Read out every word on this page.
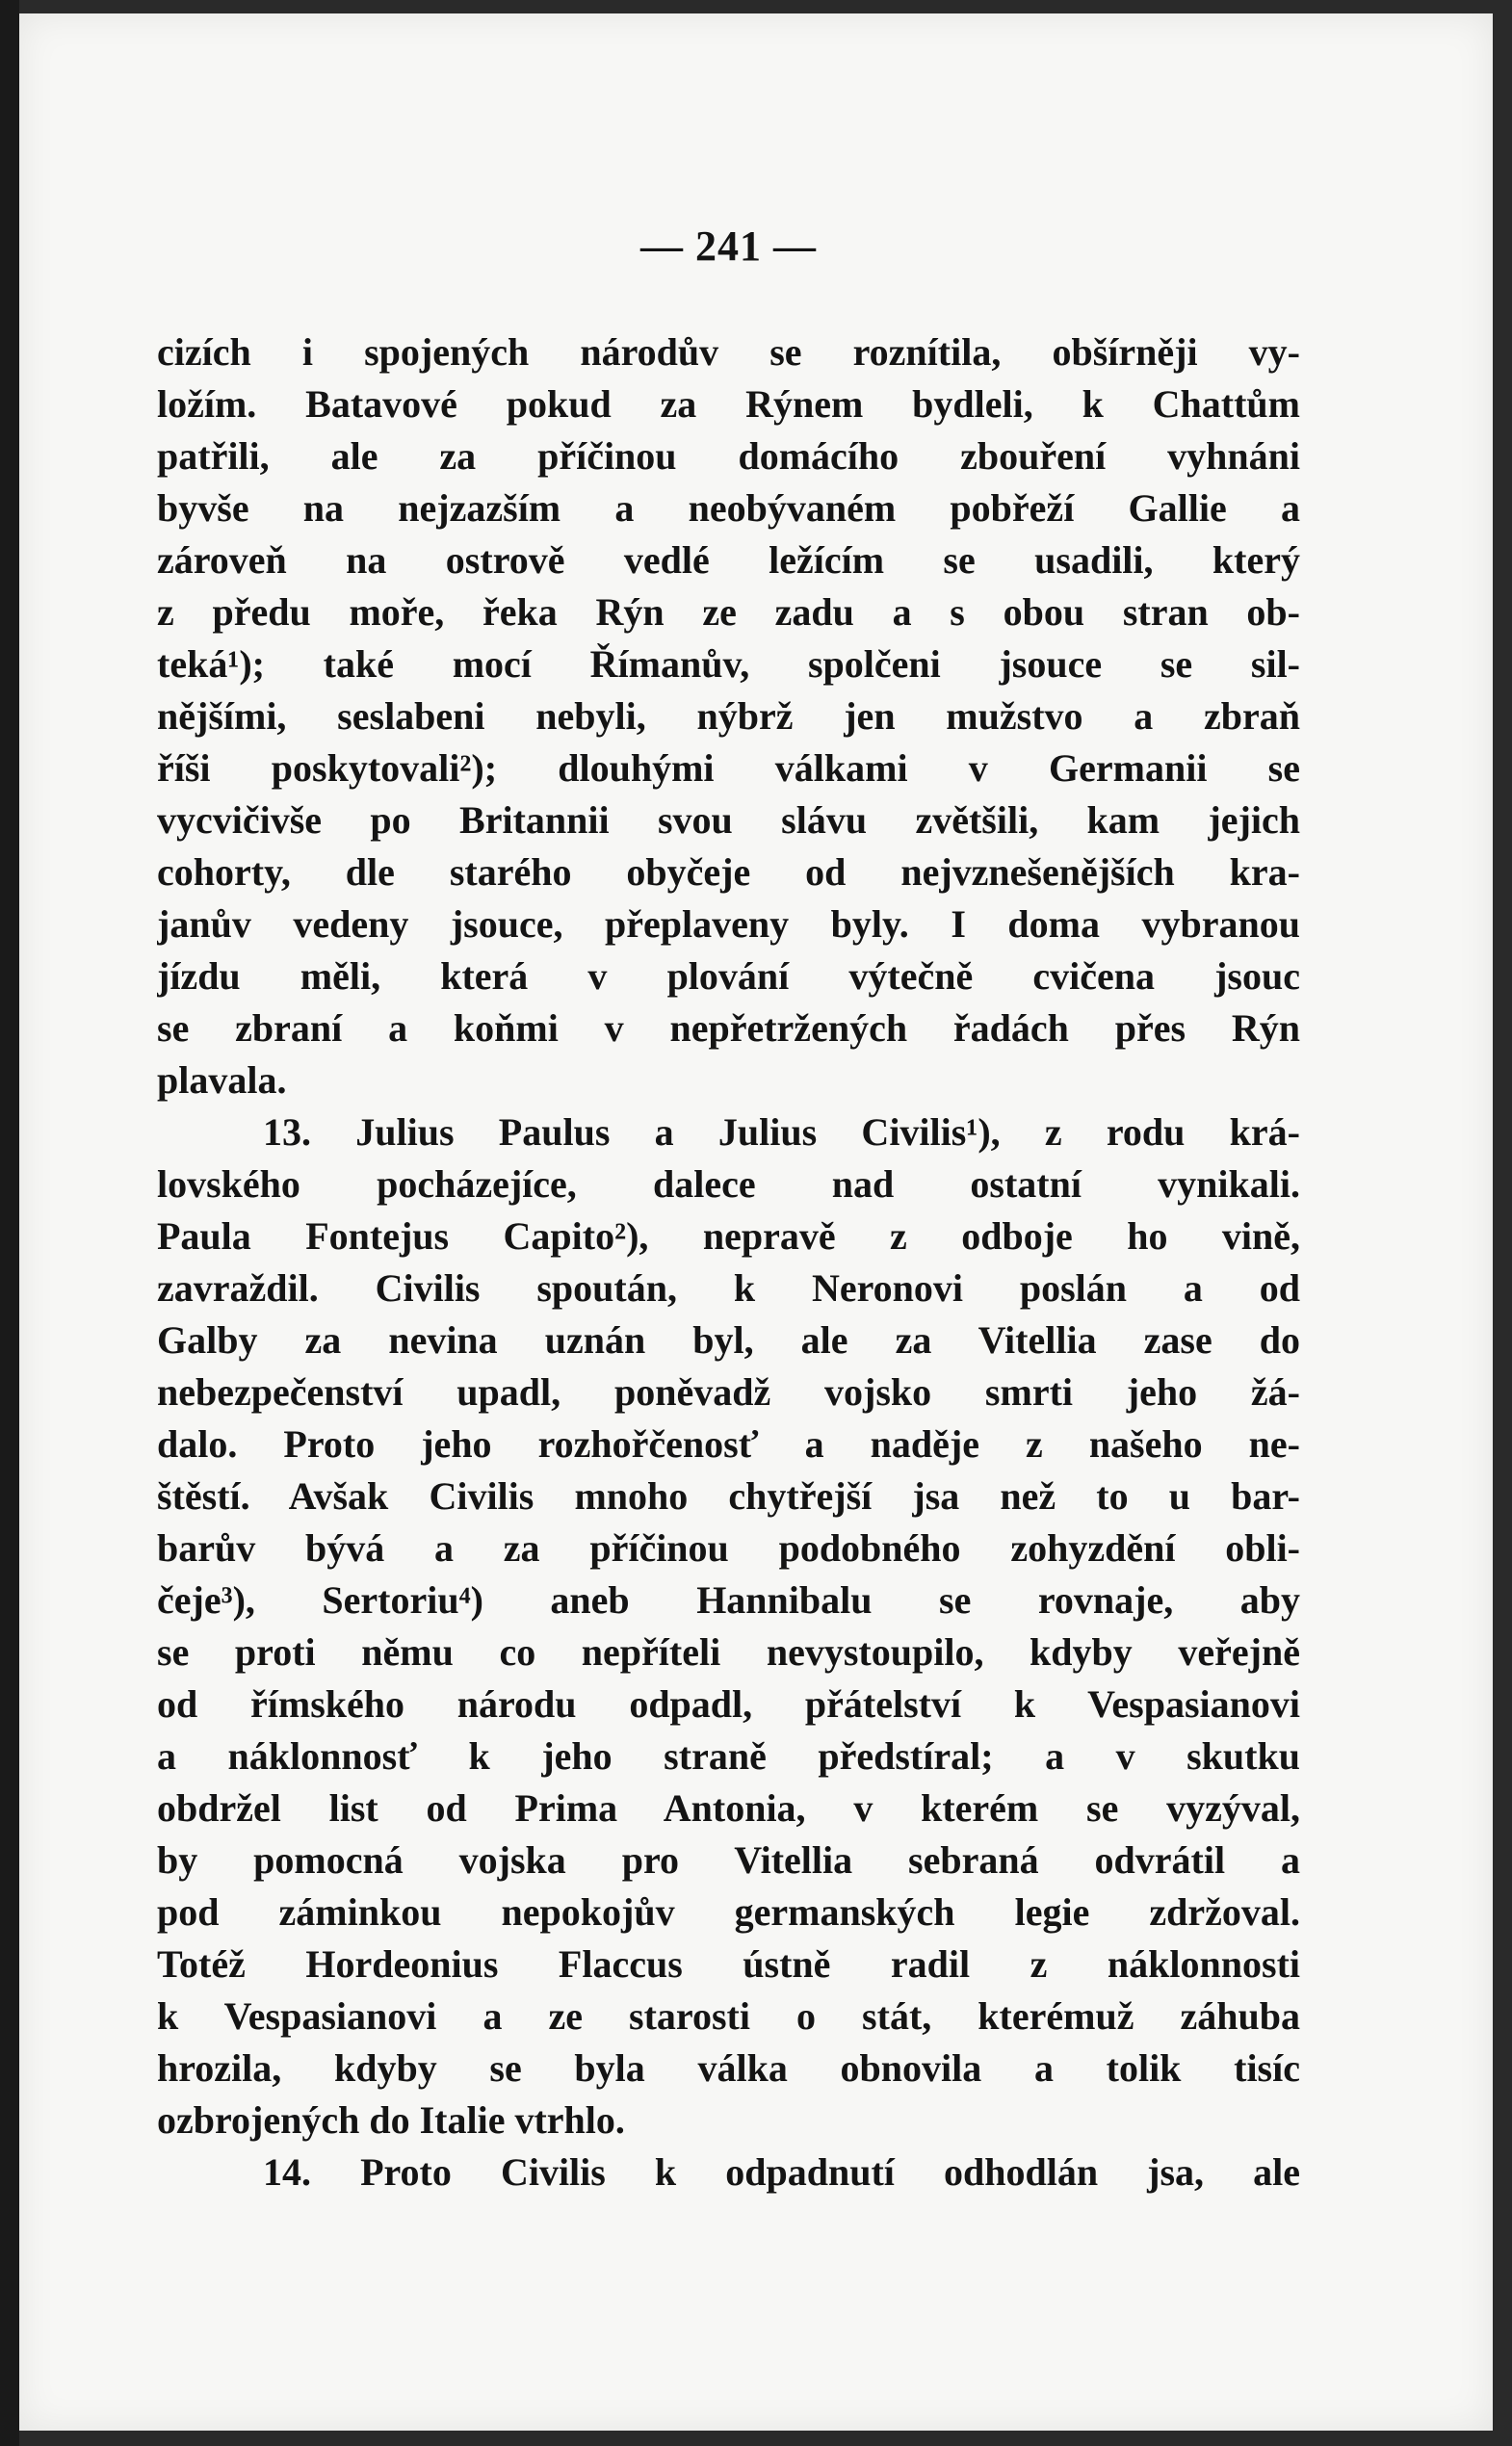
— 241 —
cizích i spojených národův se roznítila, obšírněji vy-
ložím. Batavové pokud za Rýnem bydleli, k Chattům
patřili, ale za příčinou domácího zbouření vyhnáni
byvše na nejzazším a neobývaném pobřeží Gallie a
zároveň na ostrově vedlé ležícím se usadili, který
z předu moře, řeka Rýn ze zadu a s obou stran ob-
teká¹); také mocí Římanův, spolčeni jsouce se sil-
nějšími, seslabeni nebyli, nýbrž jen mužstvo a zbraň
říši poskytovali²); dlouhými válkami v Germanii se
vycvičivše po Britannii svou slávu zvětšili, kam jejich
cohorty, dle starého obyčeje od nejvznešenějších kra-
janův vedeny jsouce, přeplaveny byly. I doma vybranou
jízdu měli, která v plování výtečně cvičena jsouc
se zbraní a koňmi v nepřetržených řadách přes Rýn
plavala.
13. Julius Paulus a Julius Civilis¹), z rodu krá-
lovského pocházejíce, dalece nad ostatní vynikali.
Paula Fontejus Capito²), nepravě z odboje ho vině,
zavraždil. Civilis spoután, k Neronovi poslán a od
Galby za nevina uznán byl, ale za Vitellia zase do
nebezpečenství upadl, poněvadž vojsko smrti jeho žá-
dalo. Proto jeho rozhořčenosť a naděje z našeho ne-
štěstí. Avšak Civilis mnoho chytřejší jsa než to u bar-
barův bývá a za příčinou podobného zohyzdění obli-
čeje³), Sertoriu⁴) aneb Hannibalu se rovnaje, aby
se proti němu co nepříteli nevystoupilo, kdyby veřejně
od římského národu odpadl, přátelství k Vespasianovi
a náklonnosť k jeho straně předstíral; a v skutku
obdržel list od Prima Antonia, v kterém se vyzýval,
by pomocná vojska pro Vitellia sebraná odvrátil a
pod záminkou nepokojův germanských legie zdržoval.
Totéž Hordeonius Flaccus ústně radil z náklonnosti
k Vespasianovi a ze starosti o stát, kterémuž záhuba
hrozila, kdyby se byla válka obnovila a tolik tisíc
ozbrojených do Italie vtrhlo.
14. Proto Civilis k odpadnutí odhodlán jsa, ale
